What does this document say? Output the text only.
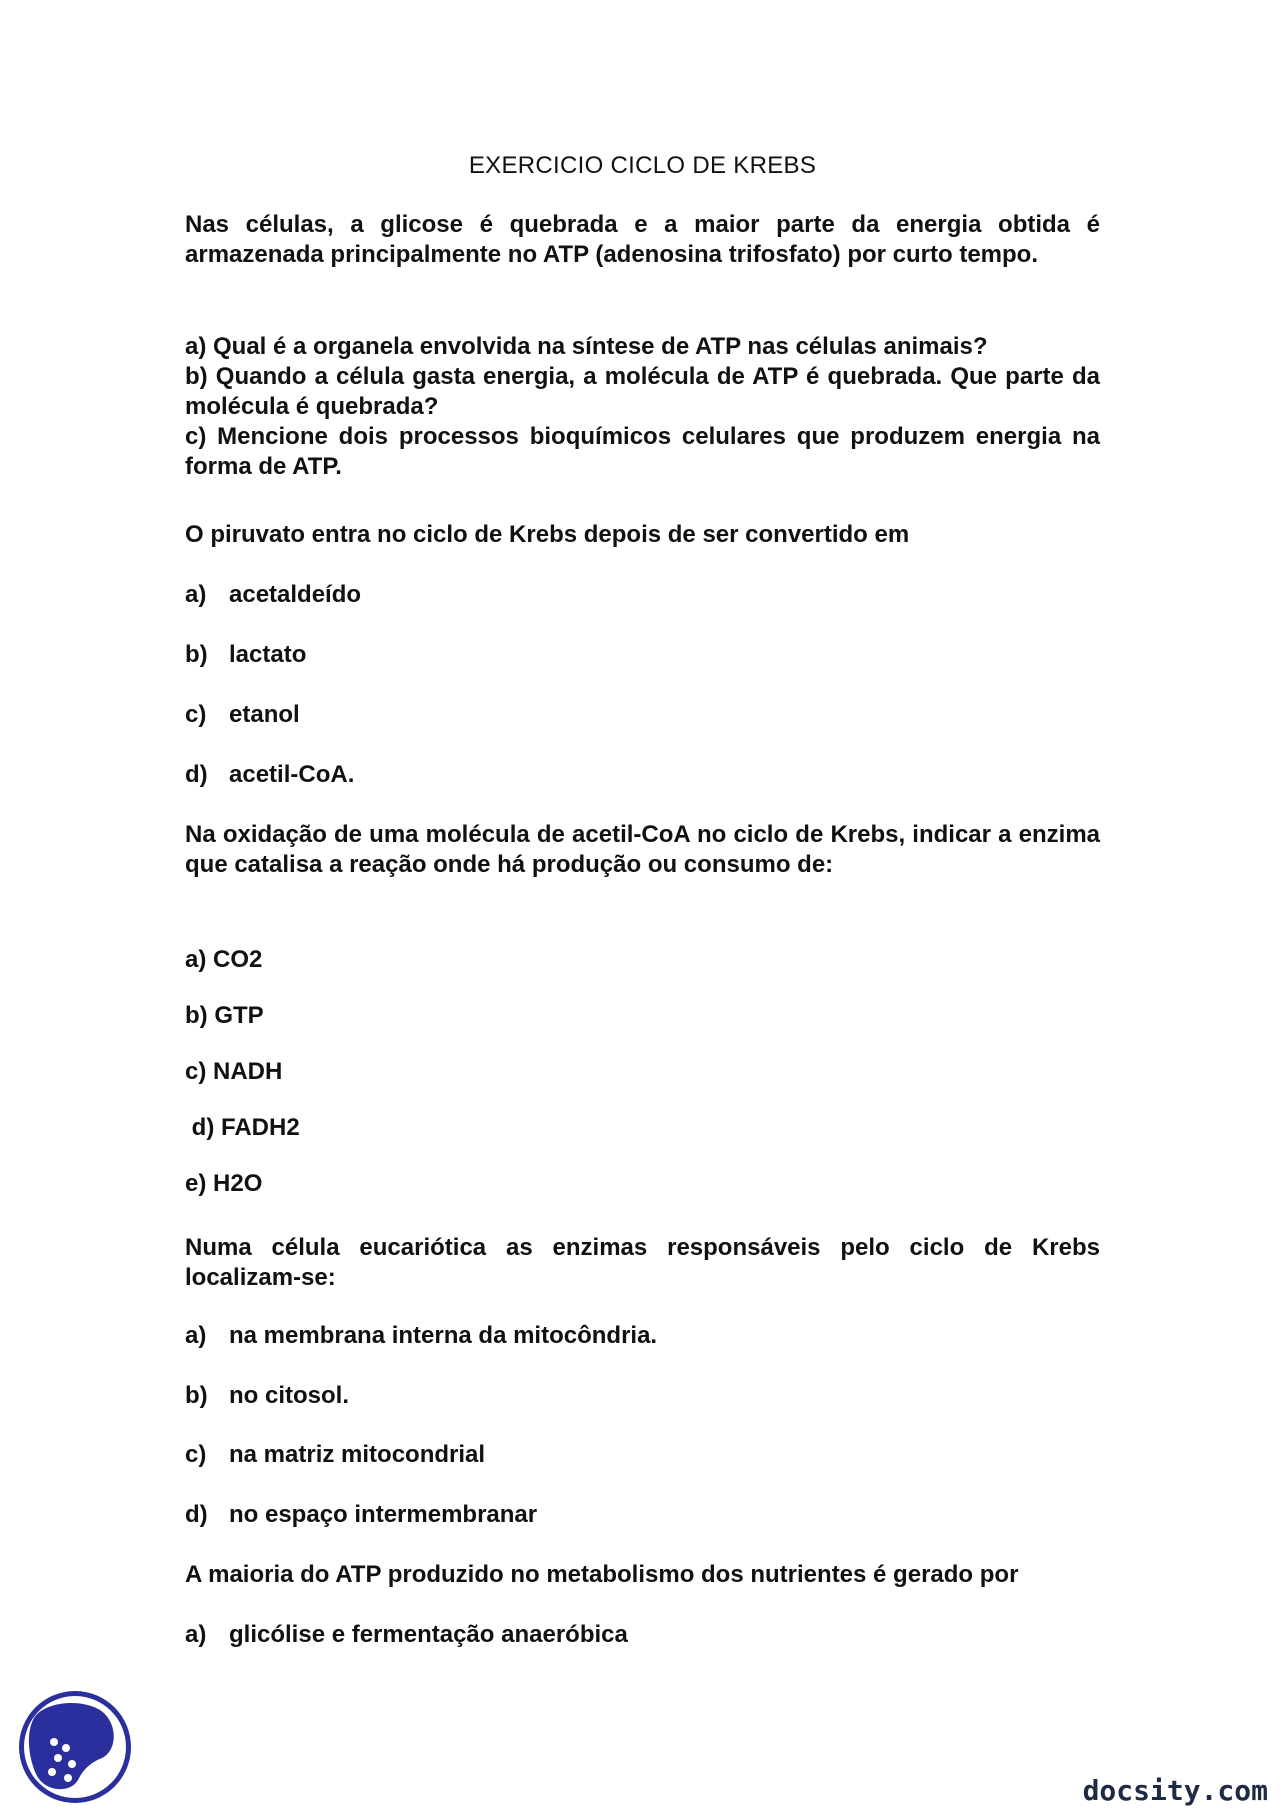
EXERCICIO CICLO DE KREBS
Nas células, a glicose é quebrada e a maior parte da energia obtida é armazenada principalmente no ATP (adenosina trifosfato) por curto tempo.
a) Qual é a organela envolvida na síntese de ATP nas células animais?
b) Quando a célula gasta energia, a molécula de ATP é quebrada. Que parte da molécula é quebrada?
c) Mencione dois processos bioquímicos celulares que produzem energia na forma de ATP.
O piruvato entra no ciclo de Krebs depois de ser convertido em
a) acetaldeído
b) lactato
c) etanol
d) acetil-CoA.
Na oxidação de uma molécula de acetil-CoA no ciclo de Krebs, indicar a enzima que catalisa a reação onde há produção ou consumo de:
a) CO2
b) GTP
c) NADH
d) FADH2
e) H2O
Numa célula eucariótica as enzimas responsáveis pelo ciclo de Krebs localizam-se:
a) na membrana interna da mitocôndria.
b) no citosol.
c) na matriz mitocondrial
d) no espaço intermembranar
A maioria do ATP produzido no metabolismo dos nutrientes é gerado por
a) glicólise e fermentação anaeróbica
docsity.com
